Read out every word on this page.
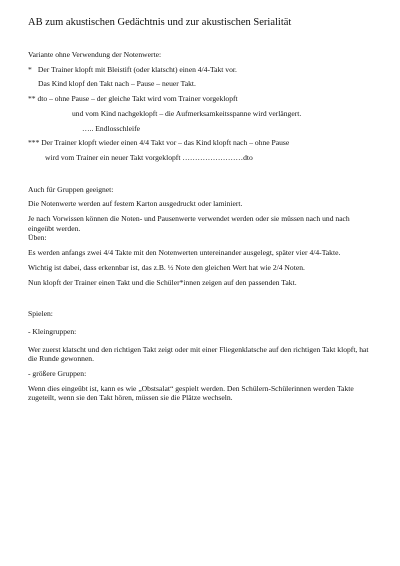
AB zum akustischen Gedächtnis und zur akustischen Serialität

Variante ohne Verwendung der Notenwerte:

* Der Trainer klopft mit Bleistift (oder klatscht) einen 4/4-Takt vor.

Das Kind klopf den Takt nach – Pause – neuer Takt.

** dto – ohne Pause – der gleiche Takt wird vom Trainer vorgeklopft

und vom Kind nachgeklopft – die Aufmerksamkeitsspanne wird verlängert.

….. Endlosschleife

*** Der Trainer klopft wieder einen 4/4 Takt vor – das Kind klopft nach – ohne Pause

wird vom Trainer ein neuer Takt vorgeklopft ……………………dto

Auch für Gruppen geeignet:

Die Notenwerte werden auf festem Karton ausgedruckt oder laminiert.

Je nach Vorwissen können die Noten- und Pausenwerte verwendet werden oder sie müssen nach und nach eingeübt werden.

Üben:

Es werden anfangs zwei 4/4 Takte mit den Notenwerten untereinander ausgelegt, später vier 4/4-Takte.

Wichtig ist dabei, dass erkennbar ist, das z.B. ½ Note den gleichen Wert hat wie 2/4 Noten.

Nun klopft der Trainer einen Takt und die Schüler*innen zeigen auf den passenden Takt.

Spielen:

- Kleingruppen:

Wer zuerst klatscht und den richtigen Takt zeigt oder mit einer Fliegenklatsche auf den richtigen Takt klopft, hat die Runde gewonnen.

- größere Gruppen:

Wenn dies eingeübt ist, kann es wie „Obstsalat“ gespielt werden. Den Schülern-Schülerinnen werden Takte zugeteilt, wenn sie den Takt hören, müssen sie die Plätze wechseln.
